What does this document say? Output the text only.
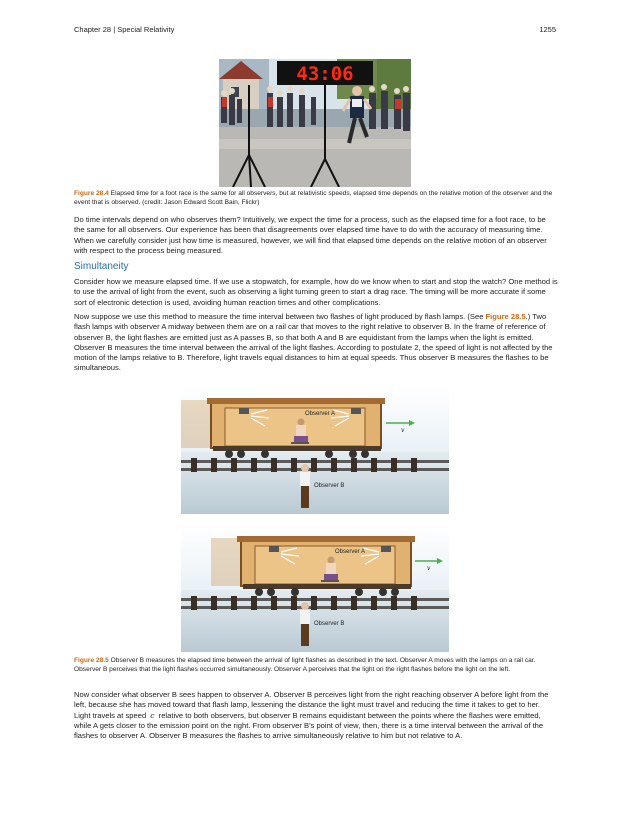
Chapter 28 | Special Relativity	1255
43:06
Figure 28.4 Elapsed time for a foot race is the same for all observers, but at relativistic speeds, elapsed time depends on the relative motion of the observer and the event that is observed. (credit: Jason Edward Scott Bain, Flickr)

Do time intervals depend on who observes them? Intuitively, we expect the time for a process, such as the elapsed time for a foot race, to be the same for all observers. Our experience has been that disagreements over elapsed time have to do with the accuracy of measuring time. When we carefully consider just how time is measured, however, we will find that elapsed time depends on the relative motion of an observer with respect to the process being measured.

Simultaneity

Consider how we measure elapsed time. If we use a stopwatch, for example, how do we know when to start and stop the watch? One method is to use the arrival of light from the event, such as observing a light turning green to start a drag race. The timing will be more accurate if some sort of electronic detection is used, avoiding human reaction times and other complications.

Now suppose we use this method to measure the time interval between two flashes of light produced by flash lamps. (See Figure 28.5.) Two flash lamps with observer A midway between them are on a rail car that moves to the right relative to observer B. In the frame of reference of observer B, the light flashes are emitted just as A passes B, so that both A and B are equidistant from the lamps when the light is emitted. Observer B measures the time interval between the arrival of the light flashes. According to postulate 2, the speed of light is not affected by the motion of the lamps relative to B. Therefore, light travels equal distances to him at equal speeds. Thus observer B measures the flashes to be simultaneous.

Observer A
v
Observer B
Observer A
v
Observer B
Figure 28.5 Observer B measures the elapsed time between the arrival of light flashes as described in the text. Observer A moves with the lamps on a rail car. Observer B perceives that the light flashes occurred simultaneously. Observer A perceives that the light on the right flashes before the light on the left.

Now consider what observer B sees happen to observer A. Observer B perceives light from the right reaching observer A before light from the left, because she has moved toward that flash lamp, lessening the distance the light must travel and reducing the time it takes to get to her. Light travels at speed c relative to both observers, but observer B remains equidistant between the points where the flashes were emitted, while A gets closer to the emission point on the right. From observer B's point of view, then, there is a time interval between the arrival of the flashes to observer A. Observer B measures the flashes to arrive simultaneously relative to him but not relative to A.
